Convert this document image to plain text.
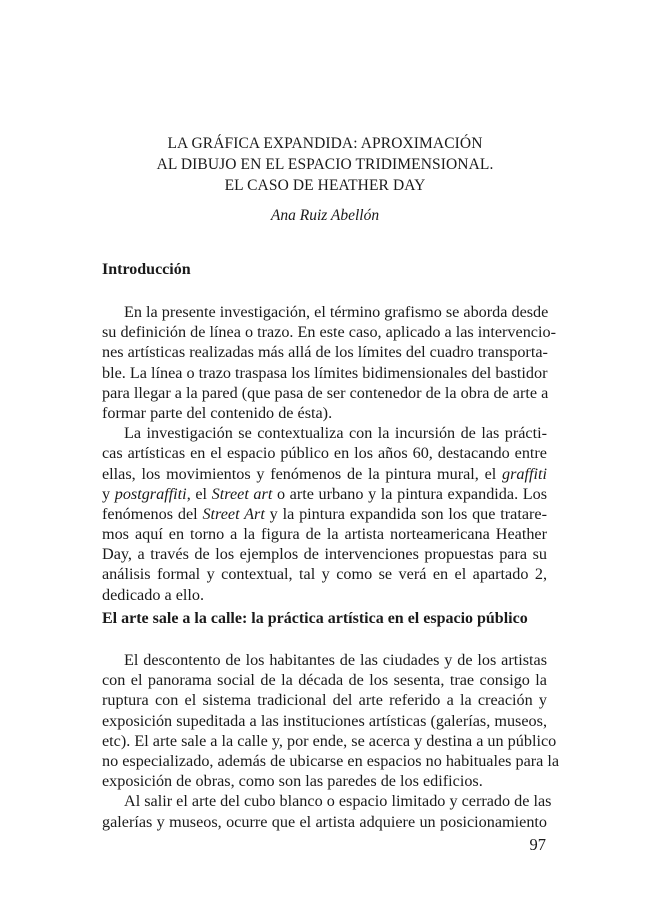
LA GRÁFICA EXPANDIDA: APROXIMACIÓN
AL DIBUJO EN EL ESPACIO TRIDIMENSIONAL.
EL CASO DE HEATHER DAY
Ana Ruiz Abellón
Introducción
En la presente investigación, el término grafismo se aborda desde
su definición de línea o trazo. En este caso, aplicado a las intervencio-
nes artísticas realizadas más allá de los límites del cuadro transporta-
ble. La línea o trazo traspasa los límites bidimensionales del bastidor
para llegar a la pared (que pasa de ser contenedor de la obra de arte a
formar parte del contenido de ésta).
La investigación se contextualiza con la incursión de las prácti-
cas artísticas en el espacio público en los años 60, destacando entre
ellas, los movimientos y fenómenos de la pintura mural, el graffiti
y postgraffiti, el Street art o arte urbano y la pintura expandida. Los
fenómenos del Street Art y la pintura expandida son los que tratare-
mos aquí en torno a la figura de la artista norteamericana Heather
Day, a través de los ejemplos de intervenciones propuestas para su
análisis formal y contextual, tal y como se verá en el apartado 2,
dedicado a ello.
El arte sale a la calle: la práctica artística en el espacio público
El descontento de los habitantes de las ciudades y de los artistas
con el panorama social de la década de los sesenta, trae consigo la
ruptura con el sistema tradicional del arte referido a la creación y
exposición supeditada a las instituciones artísticas (galerías, museos,
etc). El arte sale a la calle y, por ende, se acerca y destina a un público
no especializado, además de ubicarse en espacios no habituales para la
exposición de obras, como son las paredes de los edificios.
Al salir el arte del cubo blanco o espacio limitado y cerrado de las
galerías y museos, ocurre que el artista adquiere un posicionamiento
97
